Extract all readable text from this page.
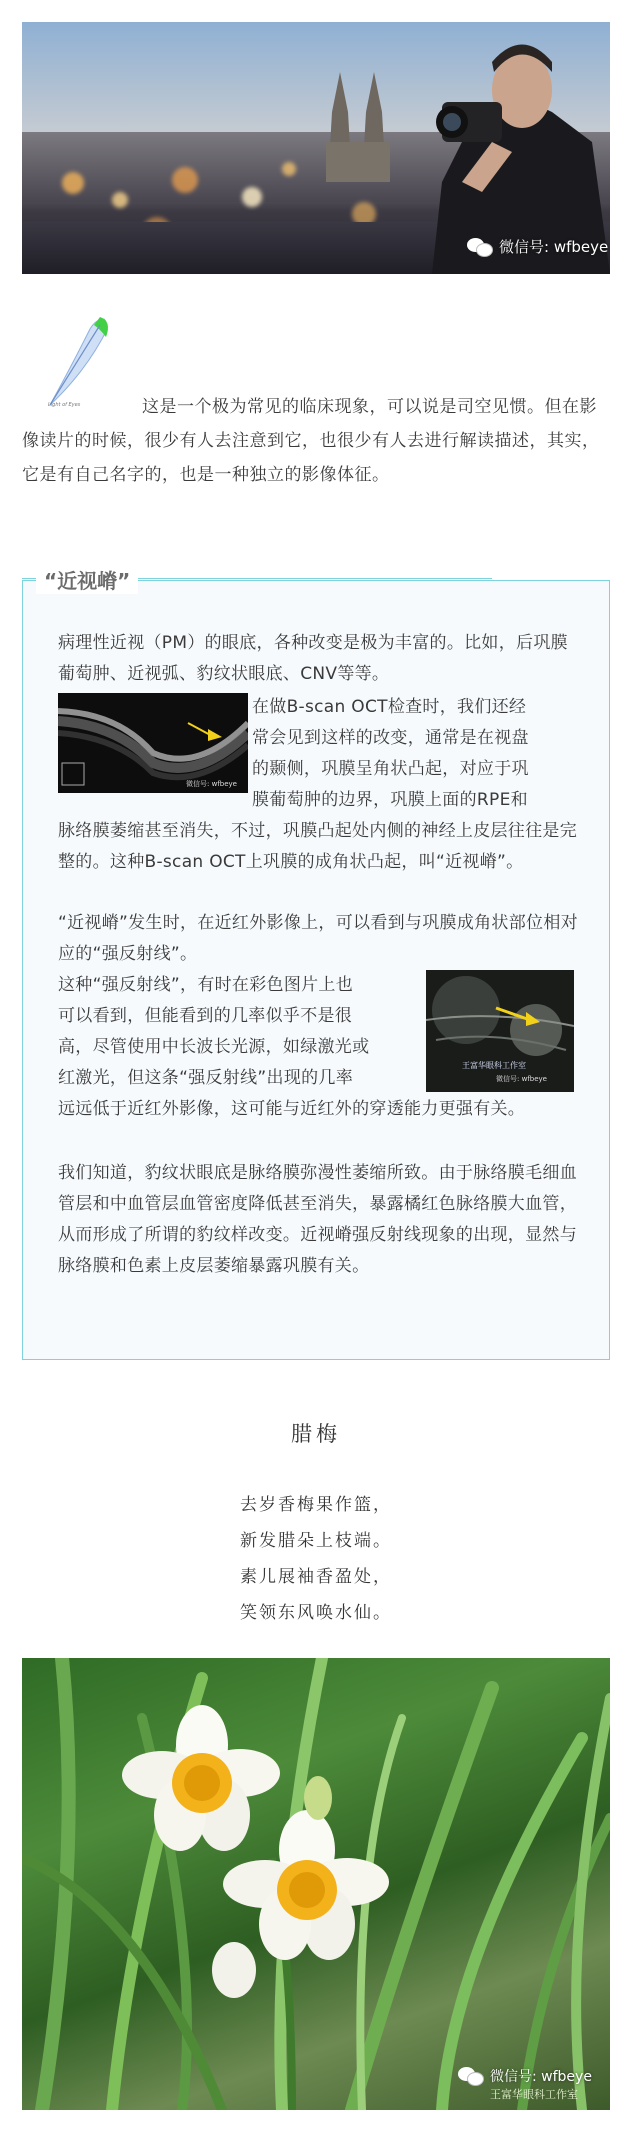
微信号: wfbeye
Light of Eyes	这是一个极为常见的临床现象，可以说是司空见惯。但在影像读片的时候，很少有人去注意到它，也很少有人去进行解读描述，其实，它是有自己名字的，也是一种独立的影像体征。
“近视嵴”
病理性近视（PM）的眼底，各种改变是极为丰富的。比如，后巩膜葡萄肿、近视弧、豹纹状眼底、CNV等等。
微信号: wfbeye
在做B-scan OCT检查时，我们还经
常会见到这样的改变，通常是在视盘
的颞侧，巩膜呈角状凸起，对应于巩
膜葡萄肿的边界，巩膜上面的RPE和
脉络膜萎缩甚至消失，不过，巩膜凸起处内侧的神经上皮层往往是完整的。这种B-scan OCT上巩膜的成角状凸起，叫“近视嵴”。
“近视嵴”发生时，在近红外影像上，可以看到与巩膜成角状部位相对应的“强反射线”。
这种“强反射线”，有时在彩色图片上也
可以看到，但能看到的几率似乎不是很
高，尽管使用中长波长光源，如绿激光或
红激光，但这条“强反射线”出现的几率
王富华眼科工作室
微信号: wfbeye
远远低于近红外影像，这可能与近红外的穿透能力更强有关。
我们知道，豹纹状眼底是脉络膜弥漫性萎缩所致。由于脉络膜毛细血管层和中血管层血管密度降低甚至消失，暴露橘红色脉络膜大血管，从而形成了所谓的豹纹样改变。近视嵴强反射线现象的出现，显然与脉络膜和色素上皮层萎缩暴露巩膜有关。
腊梅
去岁香梅果作篮，
新发腊朵上枝端。
素儿展袖香盈处，
笑领东风唤水仙。
微信号: wfbeye
王富华眼科工作室
